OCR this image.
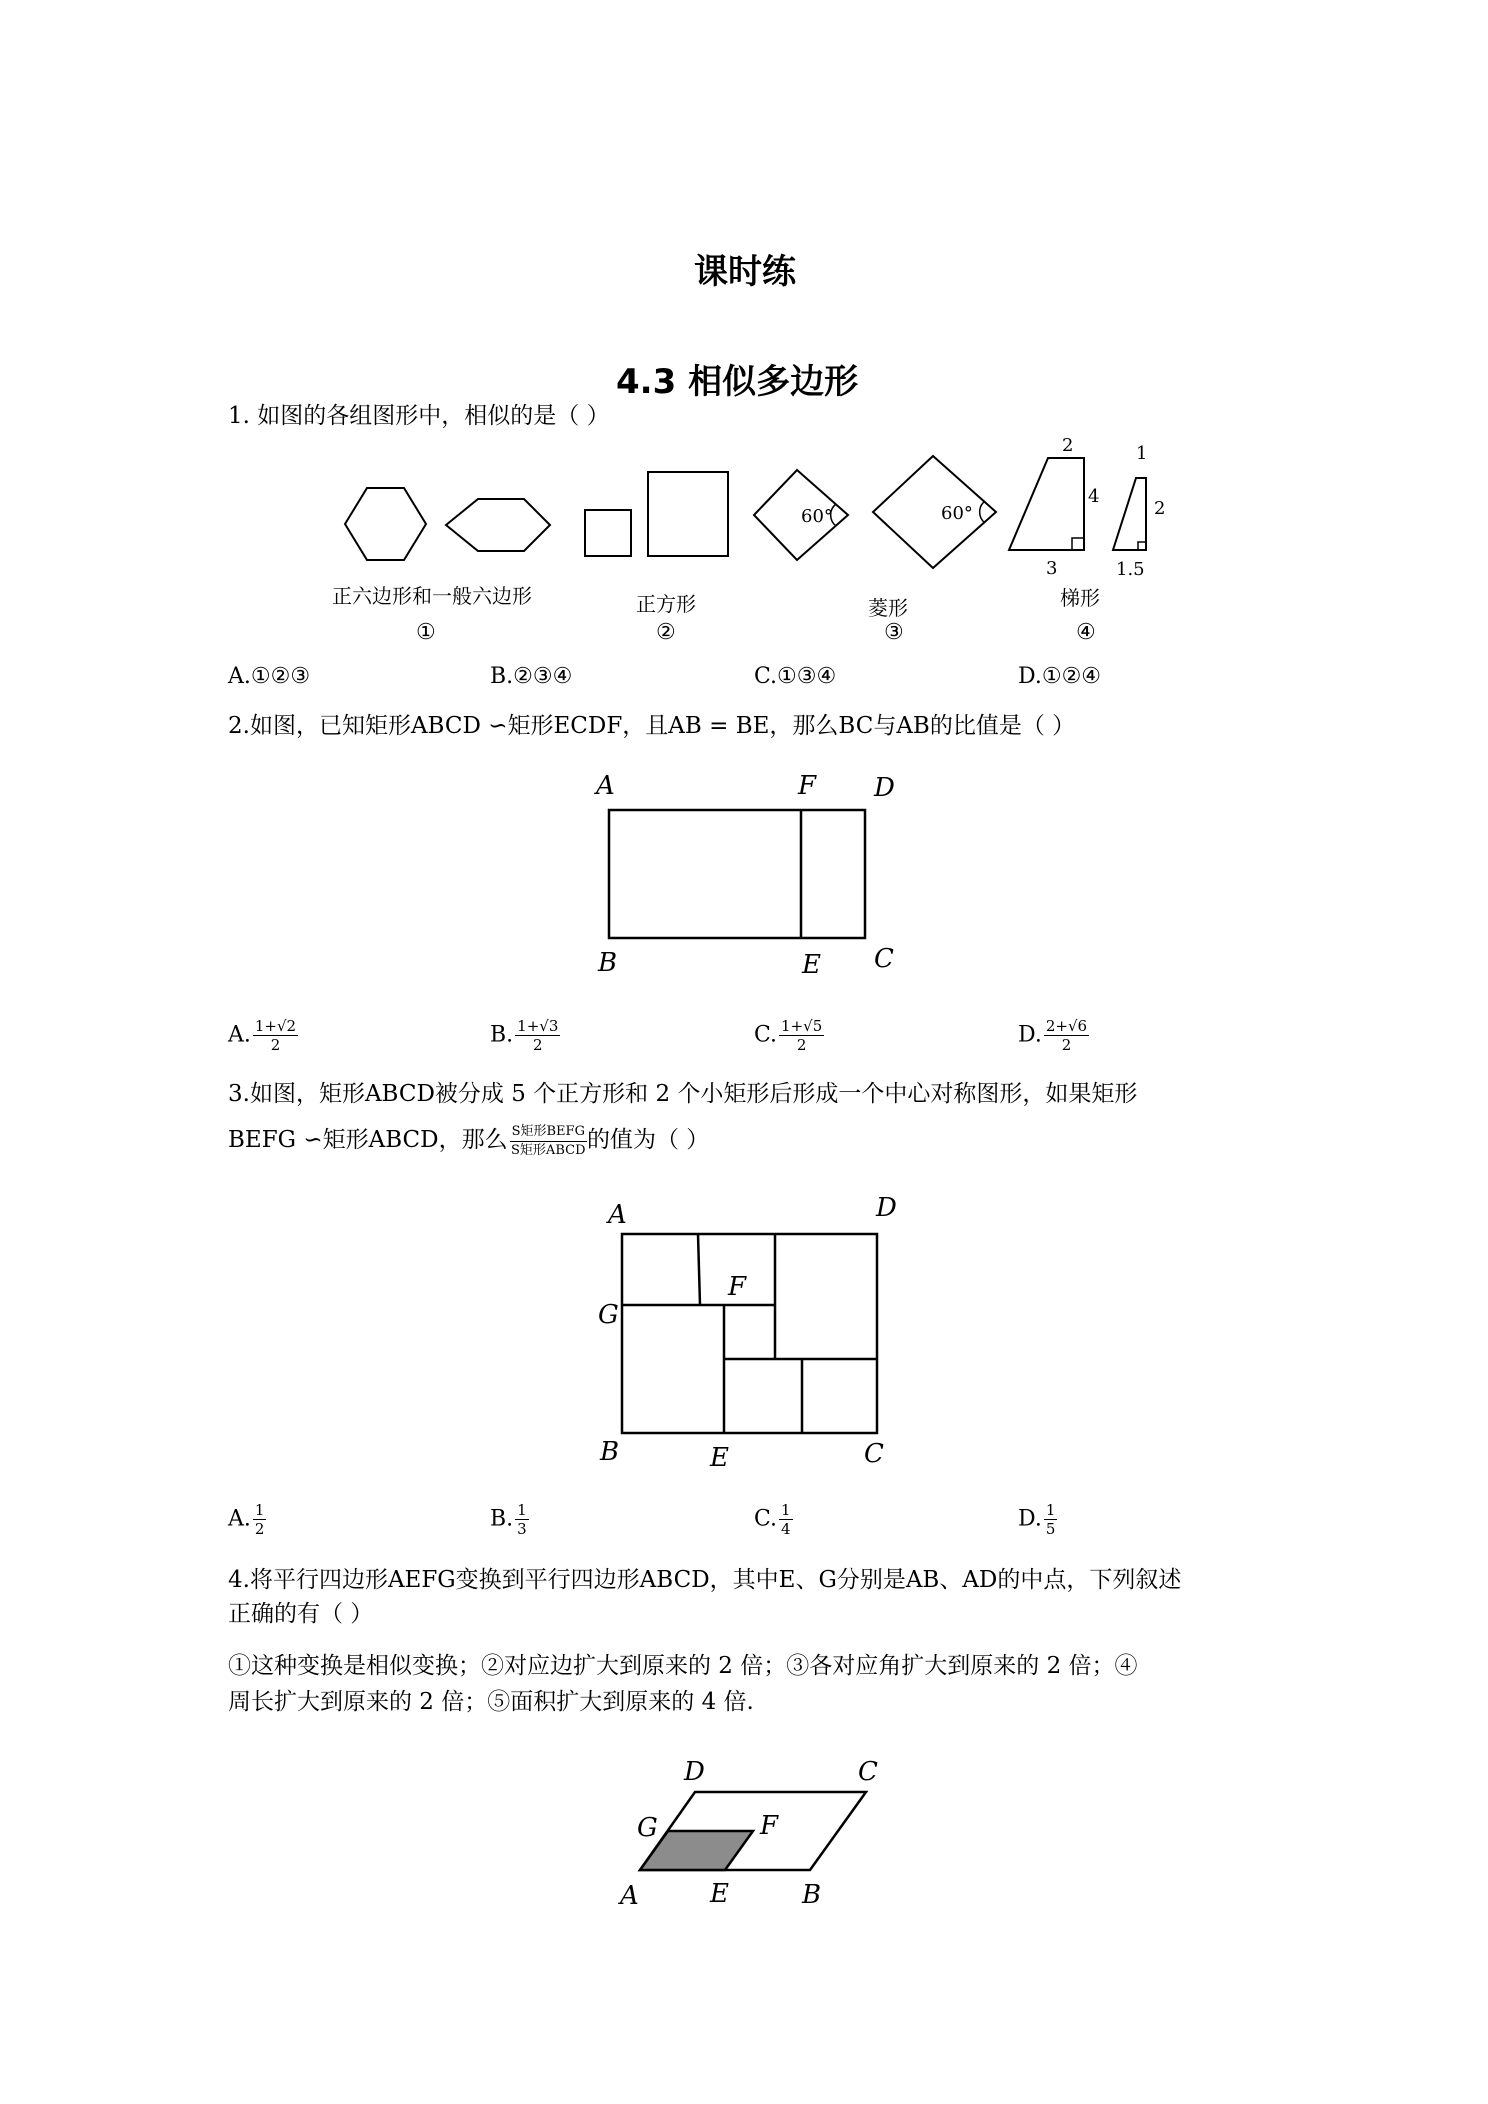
课时练
4.3 相似多边形
1. 如图的各组图形中，相似的是（ ）
60°	60°
2
4
3
1
2
1.5
正六边形和一般六边形	正方形	菱形	梯形
①	②	③	④
A.①②③	B.②③④	C.①③④	D.①②④
2.如图，已知矩形ABCD ∽矩形ECDF，且AB = BE，那么BC与AB的比值是（ ）
A	F D
B	E C
A. $\frac{1+√2}{2}$	B. $\frac{1+√3}{2}$	C. $\frac{1+√5}{2}$	D. $\frac{2+√6}{2}$
3.如图，矩形ABCD被分成 5 个正方形和 2 个小矩形后形成一个中心对称图形，如果矩形
BEFG ∽矩形ABCD，那么 $\frac{\text{S矩形BEFG}}{\text{S矩形ABCD}}$ 的值为（ ）
A	D
F
G
B	E	C
A. $\frac{1}{2}$	B. $\frac{1}{3}$	C. $\frac{1}{4}$	D. $\frac{1}{5}$
4.将平行四边形AEFG变换到平行四边形ABCD，其中E、G分别是AB、AD的中点，下列叙述
正确的有（ ）
①这种变换是相似变换；②对应边扩大到原来的 2 倍；③各对应角扩大到原来的 2 倍；④
周长扩大到原来的 2 倍；⑤面积扩大到原来的 4 倍.
D	C
G	F
A	E	B
